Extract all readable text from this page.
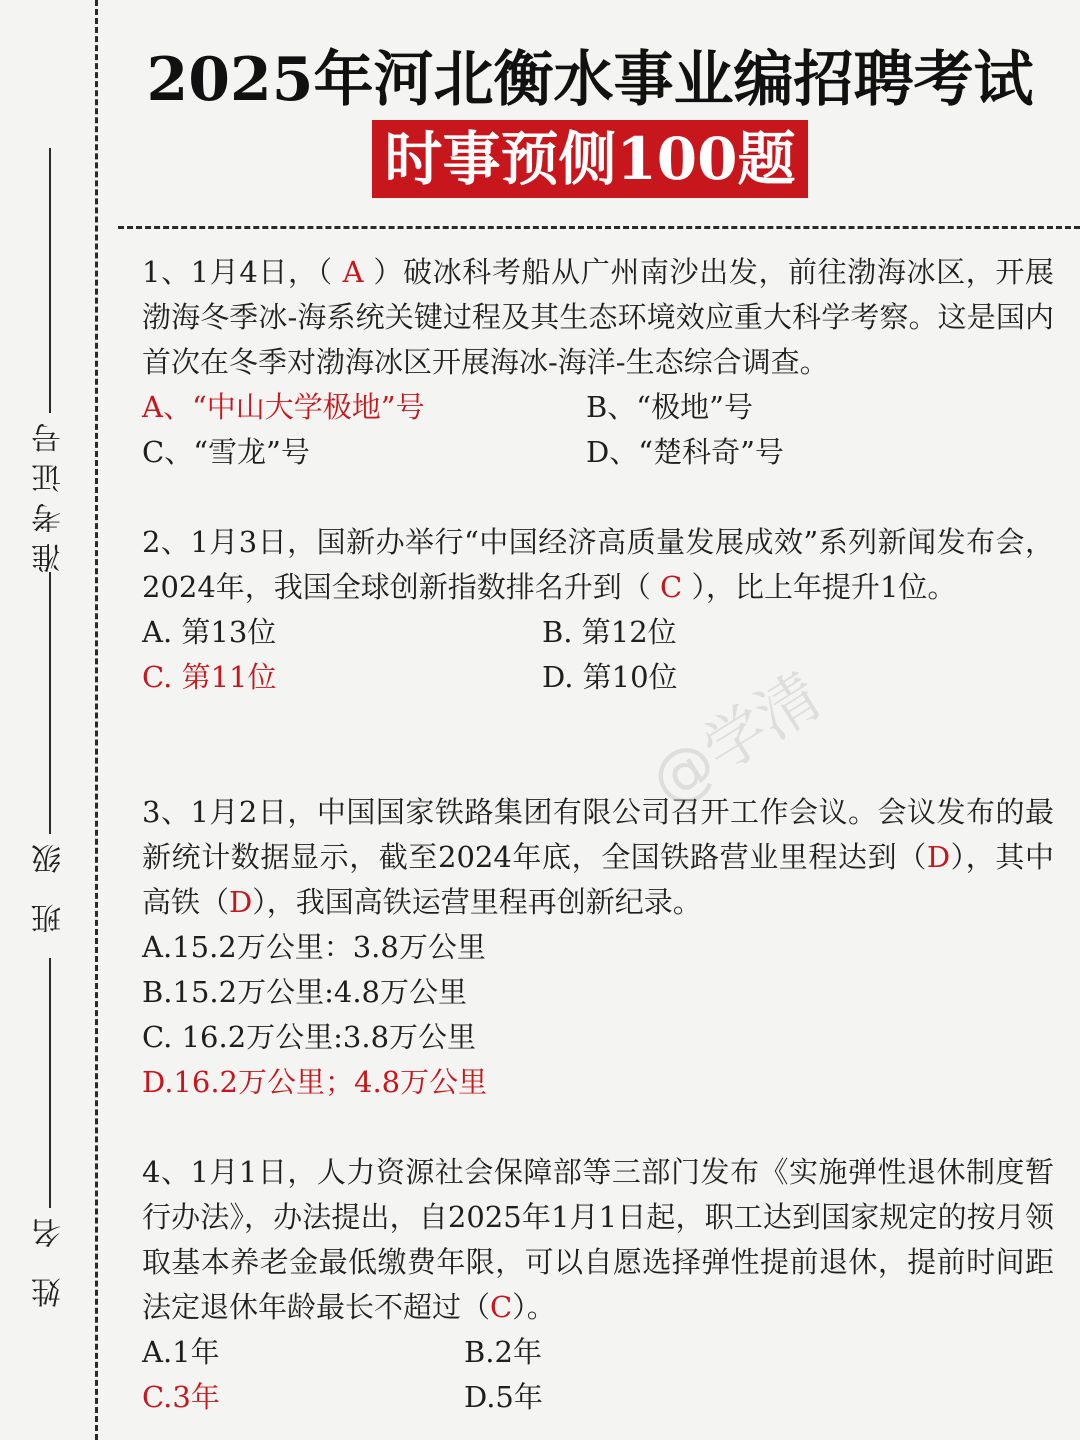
准考证号
班 级
姓 名
2025年河北衡水事业编招聘考试
时事预侧100题

1、1月4日，（ A ）破冰科考船从广州南沙出发，前往渤海冰区，开展渤海冬季冰-海系统关键过程及其生态环境效应重大科学考察。这是国内首次在冬季对渤海冰区开展海冰-海洋-生态综合调查。

A、“中山大学极地”号	B、“极地”号
C、“雪龙”号	D、“楚科奇”号

2、1月3日，国新办举行“中国经济高质量发展成效”系列新闻发布会，2024年，我国全球创新指数排名升到（ C ），比上年提升1位。

A. 第13位	B. 第12位
C. 第11位	D. 第10位

3、1月2日，中国国家铁路集团有限公司召开工作会议。会议发布的最新统计数据显示，截至2024年底，全国铁路营业里程达到（D），其中高铁（D），我国高铁运营里程再创新纪录。

A.15.2万公里：3.8万公里
B.15.2万公里:4.8万公里
C. 16.2万公里:3.8万公里
D.16.2万公里；4.8万公里

4、1月1日，人力资源社会保障部等三部门发布《实施弹性退休制度暂行办法》，办法提出，自2025年1月1日起，职工达到国家规定的按月领取基本养老金最低缴费年限，可以自愿选择弹性提前退休，提前时间距法定退休年龄最长不超过（C）。

A.1年	B.2年
C.3年	D.5年
@学清
